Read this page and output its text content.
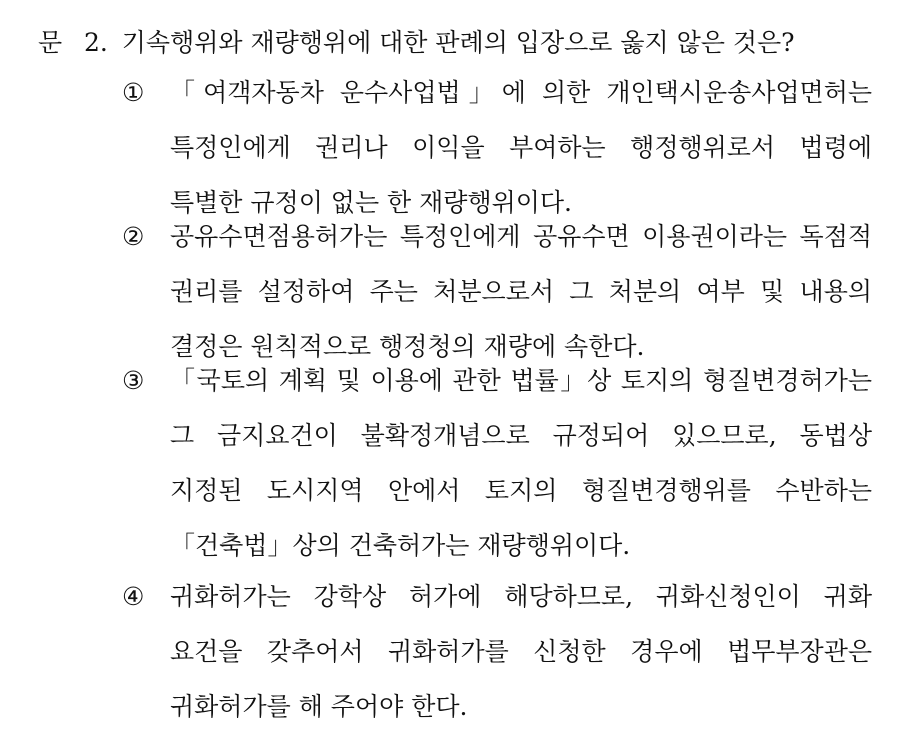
문 2. 기속행위와 재량행위에 대한 판례의 입장으로 옳지 않은 것은?
①	「여객자동차 운수사업법」에 의한 개인택시운송사업면허는
특정인에게 권리나 이익을 부여하는 행정행위로서 법령에
특별한 규정이 없는 한 재량행위이다.
②	공유수면점용허가는 특정인에게 공유수면 이용권이라는 독점적
권리를 설정하여 주는 처분으로서 그 처분의 여부 및 내용의
결정은 원칙적으로 행정청의 재량에 속한다.
③	「국토의 계획 및 이용에 관한 법률」상 토지의 형질변경허가는
그 금지요건이 불확정개념으로 규정되어 있으므로, 동법상
지정된 도시지역 안에서 토지의 형질변경행위를 수반하는
「건축법」상의 건축허가는 재량행위이다.
④	귀화허가는 강학상 허가에 해당하므로, 귀화신청인이 귀화
요건을 갖추어서 귀화허가를 신청한 경우에 법무부장관은
귀화허가를 해 주어야 한다.
